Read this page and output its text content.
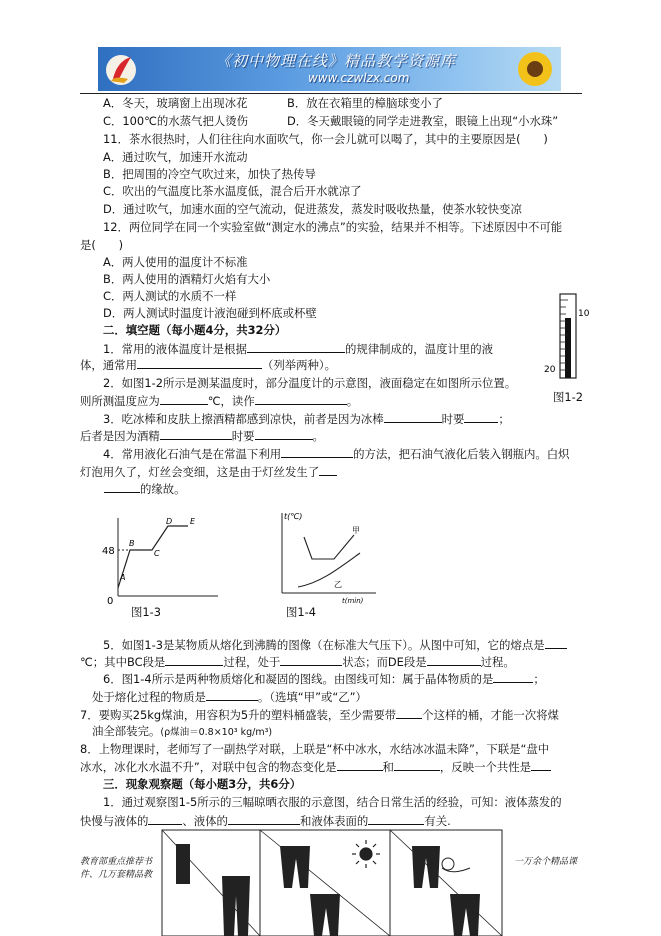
《初中物理在线》精品教学资源库
www.czwlzx.com
A．冬天，玻璃窗上出现冰花	B．放在衣箱里的樟脑球变小了
C．100℃的水蒸气把人烫伤	D．冬天戴眼镜的同学走进教室，眼镜上出现“小水珠”
11．茶水很热时，人们往往向水面吹气，你一会儿就可以喝了，其中的主要原因是(　　)
A．通过吹气，加速开水流动
B．把周围的冷空气吹过来，加快了热传导
C．吹出的气温度比茶水温度低，混合后开水就凉了
D．通过吹气，加速水面的空气流动，促进蒸发，蒸发时吸收热量，使茶水较快变凉
12．两位同学在同一个实验室做“测定水的沸点”的实验，结果并不相等。下述原因中不可能
是(　　)
A．两人使用的温度计不标准
B．两人使用的酒精灯火焰有大小
C．两人测试的水质不一样
D．两人测试时温度计液泡碰到杯底或杯壁
二．填空题（每小题4分，共32分）
10
20
图1-2
1．常用的液体温度计是根据	的规律制成的，温度计里的液
体，通常用	（列举两种）。
2．如图1-2所示是测某温度时，部分温度计的示意图，液面稳定在如图所示位置。
则所测温度应为	℃，读作	。
3．吃冰棒和皮肤上擦酒精都感到凉快，前者是因为冰棒	时要	；
后者是因为酒精	时要	。
4．常用液化石油气是在常温下利用	的方法，把石油气液化后装入钢瓶内。白炽
灯泡用久了，灯丝会变细，这是由于灯丝发生了
的缘故。
48
0
A
B
C
D E
图1-3
t(℃)
t(min)
甲
乙
图1-4
5．如图1-3是某物质从熔化到沸腾的图像（在标准大气压下）。从图中可知，它的熔点是
℃；其中BC段是	过程，处于	状态；而DE段是	过程。
6．图1-4所示是两种物质熔化和凝固的图线。由图线可知：属于晶体物质的是	；
处于熔化过程的物质是	。（选填“甲”或“乙”）
7．要购买25kg煤油，用容积为5升的塑料桶盛装，至少需要带 个这样的桶，才能一次将煤
油全部装完。(ρ煤油＝0.8×10³ kg/m³)
8．上物理课时，老师写了一副热学对联，上联是“杯中冰水，水结冰冰温未降”，下联是“盘中
冰水，冰化水水温不升”，对联中包含的物态变化是	和	，反映一个共性是
三．现象观察题（每小题3分，共6分）
1．通过观察图1-5所示的三幅晾晒衣服的示意图，结合日常生活的经验，可知：液体蒸发的
快慢与液体的	、液体的	和液体表面的	有关.
教育部重点推荐书
件、几万套精品教
一万余个精品课
